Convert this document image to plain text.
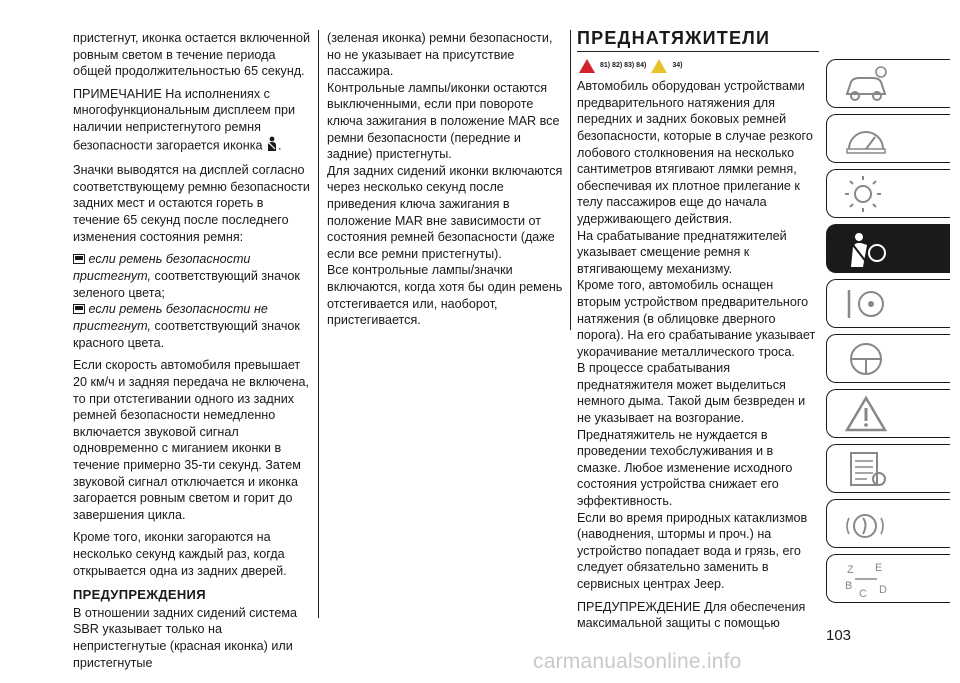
пристегнут, иконка остается включенной ровным светом в течение периода общей продолжительностью 65 секунд.

ПРИМЕЧАНИЕ На исполнениях с многофункциональным дисплеем при наличии непристегнутого ремня безопасности загорается иконка .

Значки выводятся на дисплей согласно соответствующему ремню безопасности задних мест и остаются гореть в течение 65 секунд после последнего изменения состояния ремня:

если ремень безопасности пристегнут, соответствующий значок зеленого цвета;

если ремень безопасности не пристегнут, соответствующий значок красного цвета.

Если скорость автомобиля превышает 20 км/ч и задняя передача не включена, то при отстегивании одного из задних ремней безопасности немедленно включается звуковой сигнал одновременно с миганием иконки в течение примерно 35-ти секунд. Затем звуковой сигнал отключается и иконка загорается ровным светом и горит до завершения цикла.

Кроме того, иконки загораются на несколько секунд каждый раз, когда открывается одна из задних дверей.

ПРЕДУПРЕЖДЕНИЯ

В отношении задних сидений система SBR указывает только на непристегнутые (красная иконка) или пристегнутые

(зеленая иконка) ремни безопасности, но не указывает на присутствие пассажира.

Контрольные лампы/иконки остаются выключенными, если при повороте ключа зажигания в положение MAR все ремни безопасности (передние и задние) пристегнуты.

Для задних сидений иконки включаются через несколько секунд после приведения ключа зажигания в положение MAR вне зависимости от состояния ремней безопасности (даже если все ремни пристегнуты).

Все контрольные лампы/значки включаются, когда хотя бы один ремень отстегивается или, наоборот, пристегивается.

ПРЕДНАТЯЖИТЕЛИ
81) 82) 83) 84)	34)

Автомобиль оборудован устройствами предварительного натяжения для передних и задних боковых ремней безопасности, которые в случае резкого лобового столкновения на несколько сантиметров втягивают лямки ремня, обеспечивая их плотное прилегание к телу пассажиров еще до начала удерживающего действия.

На срабатывание преднатяжителей указывает смещение ремня к втягивающему механизму.

Кроме того, автомобиль оснащен вторым устройством предварительного натяжения (в облицовке дверного порога). На его срабатывание указывает укорачивание металлического троса.

В процессе срабатывания преднатяжителя может выделиться немного дыма. Такой дым безвреден и не указывает на возгорание.

Преднатяжитель не нуждается в проведении техобслуживания и в смазке. Любое изменение исходного состояния устройства снижает его эффективность.

Если во время природных катаклизмов (наводнения, штормы и проч.) на устройство попадает вода и грязь, его следует обязательно заменить в сервисных центрах Jeep.

ПРЕДУПРЕЖДЕНИЕ Для обеспечения максимальной защиты с помощью

Z E
B
C D
103
carmanualsonline.info
